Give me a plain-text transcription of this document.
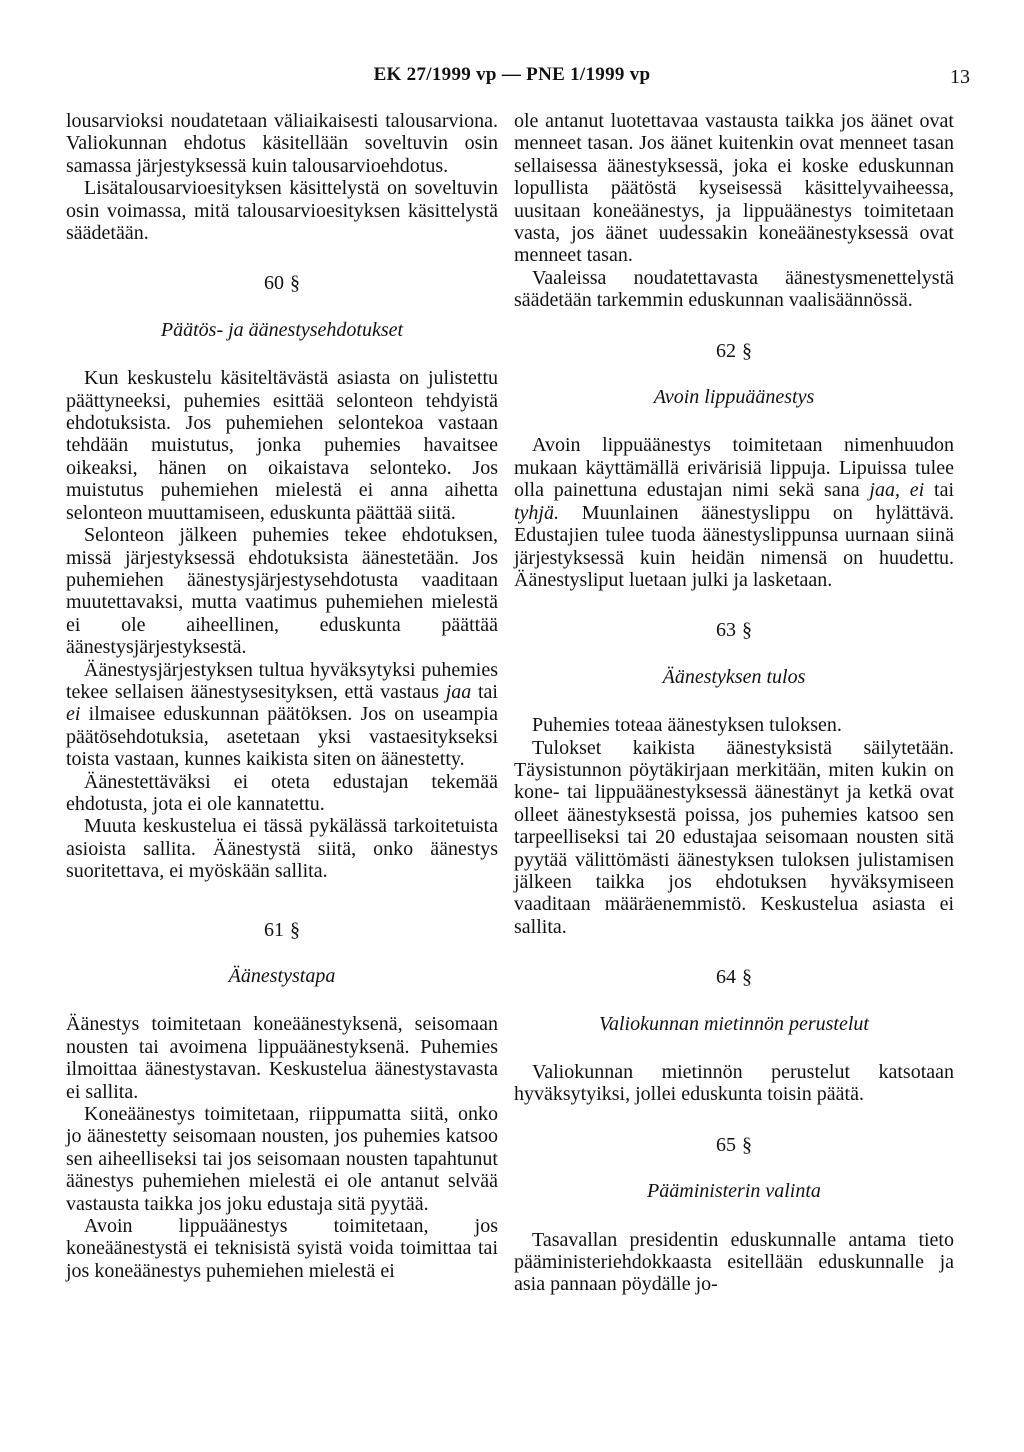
EK 27/1999 vp — PNE 1/1999 vp	13

lousarvioksi noudatetaan väliaikaisesti talousarviona. Valiokunnan ehdotus käsitellään soveltuvin osin samassa järjestyksessä kuin talousarvioehdotus.

Lisätalousarvioesityksen käsittelystä on soveltuvin osin voimassa, mitä talousarvioesityksen käsittelystä säädetään.

60 §
Päätös- ja äänestysehdotukset

Kun keskustelu käsiteltävästä asiasta on julistettu päättyneeksi, puhemies esittää selonteon tehdyistä ehdotuksista. Jos puhemiehen selontekoa vastaan tehdään muistutus, jonka puhemies havaitsee oikeaksi, hänen on oikaistava selonteko. Jos muistutus puhemiehen mielestä ei anna aihetta selonteon muuttamiseen, eduskunta päättää siitä.

Selonteon jälkeen puhemies tekee ehdotuksen, missä järjestyksessä ehdotuksista äänestetään. Jos puhemiehen äänestysjärjestysehdotusta vaaditaan muutettavaksi, mutta vaatimus puhemiehen mielestä ei ole aiheellinen, eduskunta päättää äänestysjärjestyksestä.

Äänestysjärjestyksen tultua hyväksytyksi puhemies tekee sellaisen äänestysesityksen, että vastaus jaa tai ei ilmaisee eduskunnan päätöksen. Jos on useampia päätösehdotuksia, asetetaan yksi vastaesitykseksi toista vastaan, kunnes kaikista siten on äänestetty.

Äänestettäväksi ei oteta edustajan tekemää ehdotusta, jota ei ole kannatettu.

Muuta keskustelua ei tässä pykälässä tarkoitetuista asioista sallita. Äänestystä siitä, onko äänestys suoritettava, ei myöskään sallita.

61 §
Äänestystapa

Äänestys toimitetaan koneäänestyksenä, seisomaan nousten tai avoimena lippuäänestyksenä. Puhemies ilmoittaa äänestystavan. Keskustelua äänestystavasta ei sallita.

Koneäänestys toimitetaan, riippumatta siitä, onko jo äänestetty seisomaan nousten, jos puhemies katsoo sen aiheelliseksi tai jos seisomaan nousten tapahtunut äänestys puhemiehen mielestä ei ole antanut selvää vastausta taikka jos joku edustaja sitä pyytää.

Avoin lippuäänestys toimitetaan, jos koneäänestystä ei teknisistä syistä voida toimittaa tai jos koneäänestys puhemiehen mielestä ei

ole antanut luotettavaa vastausta taikka jos äänet ovat menneet tasan. Jos äänet kuitenkin ovat menneet tasan sellaisessa äänestyksessä, joka ei koske eduskunnan lopullista päätöstä kyseisessä käsittelyvaiheessa, uusitaan koneäänestys, ja lippuäänestys toimitetaan vasta, jos äänet uudessakin koneäänestyksessä ovat menneet tasan.

Vaaleissa noudatettavasta äänestysmenettelystä säädetään tarkemmin eduskunnan vaalisäännössä.

62 §
Avoin lippuäänestys

Avoin lippuäänestys toimitetaan nimenhuudon mukaan käyttämällä erivärisiä lippuja. Lipuissa tulee olla painettuna edustajan nimi sekä sana jaa, ei tai tyhjä. Muunlainen äänestyslippu on hylättävä. Edustajien tulee tuoda äänestyslippunsa uurnaan siinä järjestyksessä kuin heidän nimensä on huudettu. Äänestysliput luetaan julki ja lasketaan.

63 §
Äänestyksen tulos

Puhemies toteaa äänestyksen tuloksen.

Tulokset kaikista äänestyksistä säilytetään. Täysistunnon pöytäkirjaan merkitään, miten kukin on kone- tai lippuäänestyksessä äänestänyt ja ketkä ovat olleet äänestyksestä poissa, jos puhemies katsoo sen tarpeelliseksi tai 20 edustajaa seisomaan nousten sitä pyytää välittömästi äänestyksen tuloksen julistamisen jälkeen taikka jos ehdotuksen hyväksymiseen vaaditaan määräenemmistö. Keskustelua asiasta ei sallita.

64 §
Valiokunnan mietinnön perustelut

Valiokunnan mietinnön perustelut katsotaan hyväksytyiksi, jollei eduskunta toisin päätä.

65 §
Pääministerin valinta

Tasavallan presidentin eduskunnalle antama tieto pääministeriehdokkaasta esitellään eduskunnalle ja asia pannaan pöydälle jo-
